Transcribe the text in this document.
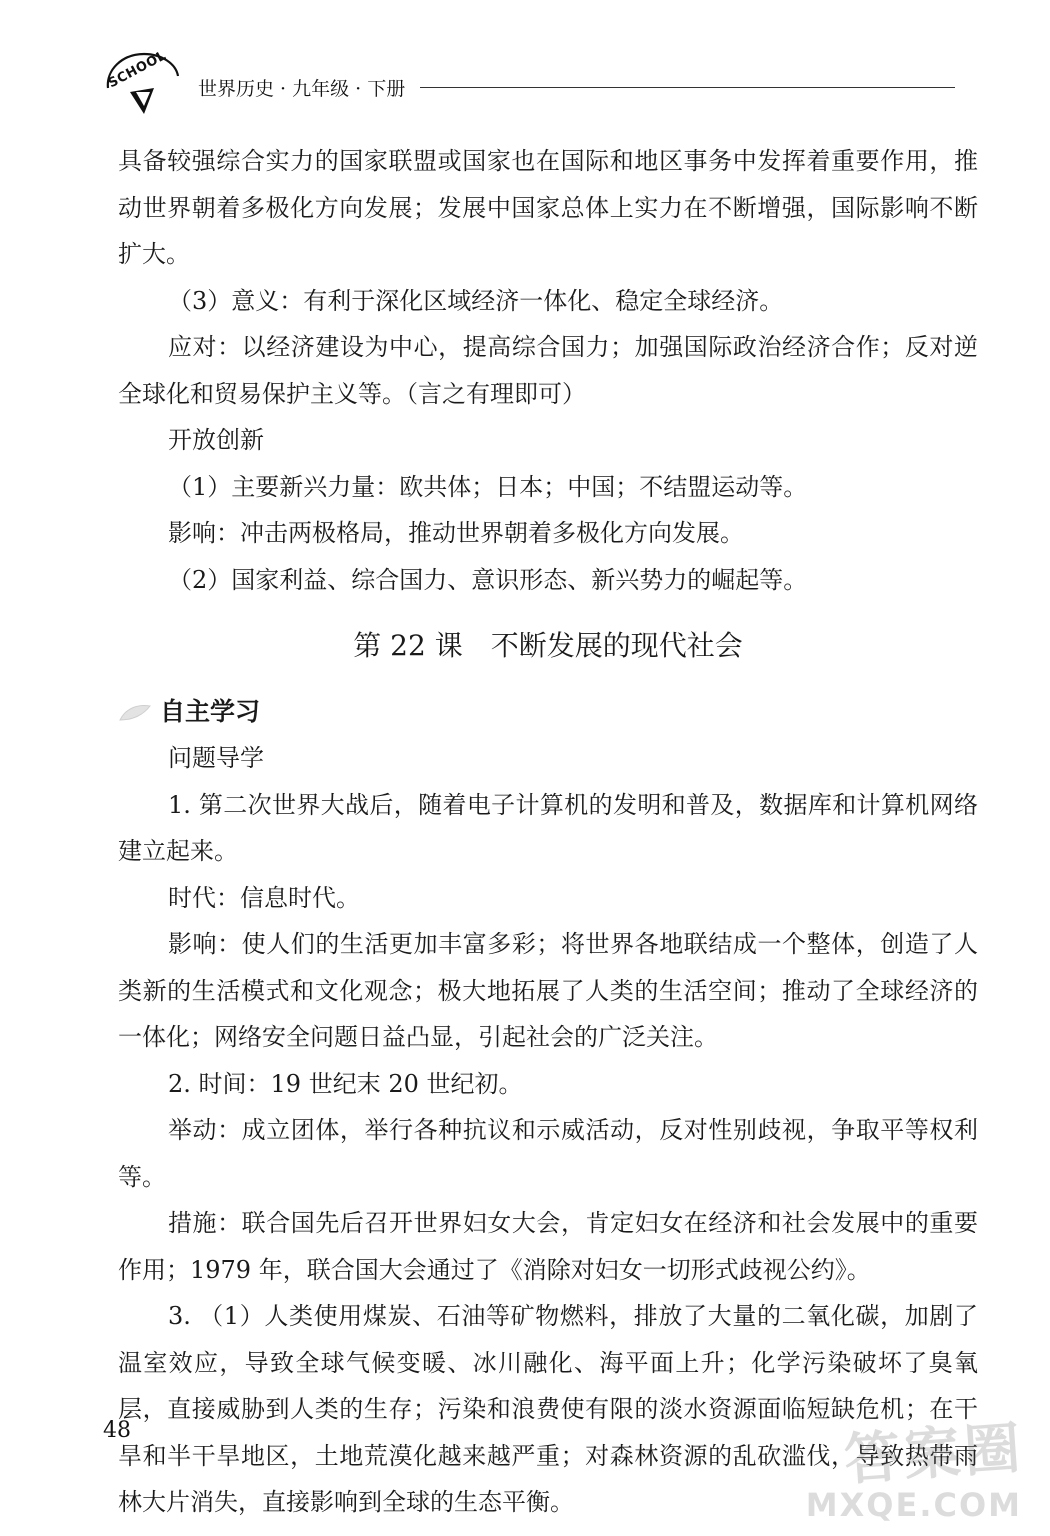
SCHOOL 世界历史 · 九年级 · 下册

具备较强综合实力的国家联盟或国家也在国际和地区事务中发挥着重要作用，推动世界朝着多极化方向发展；发展中国家总体上实力在不断增强，国际影响不断扩大。

（3）意义：有利于深化区域经济一体化、稳定全球经济。

应对：以经济建设为中心，提高综合国力；加强国际政治经济合作；反对逆全球化和贸易保护主义等。（言之有理即可）

开放创新

（1）主要新兴力量：欧共体；日本；中国；不结盟运动等。

影响：冲击两极格局，推动世界朝着多极化方向发展。

（2）国家利益、综合国力、意识形态、新兴势力的崛起等。

第 22 课　不断发展的现代社会
自主学习

问题导学

1. 第二次世界大战后，随着电子计算机的发明和普及，数据库和计算机网络建立起来。

时代：信息时代。

影响：使人们的生活更加丰富多彩；将世界各地联结成一个整体，创造了人类新的生活模式和文化观念；极大地拓展了人类的生活空间；推动了全球经济的一体化；网络安全问题日益凸显，引起社会的广泛关注。

2. 时间：19 世纪末 20 世纪初。

举动：成立团体，举行各种抗议和示威活动，反对性别歧视，争取平等权利等。

措施：联合国先后召开世界妇女大会，肯定妇女在经济和社会发展中的重要作用；1979 年，联合国大会通过了《消除对妇女一切形式歧视公约》。

3. （1）人类使用煤炭、石油等矿物燃料，排放了大量的二氧化碳，加剧了温室效应，导致全球气候变暖、冰川融化、海平面上升；化学污染破坏了臭氧层，直接威胁到人类的生存；污染和浪费使有限的淡水资源面临短缺危机；在干旱和半干旱地区，土地荒漠化越来越严重；对森林资源的乱砍滥伐，导致热带雨林大片消失，直接影响到全球的生态平衡。

48	答案圈
MXQE.COM
